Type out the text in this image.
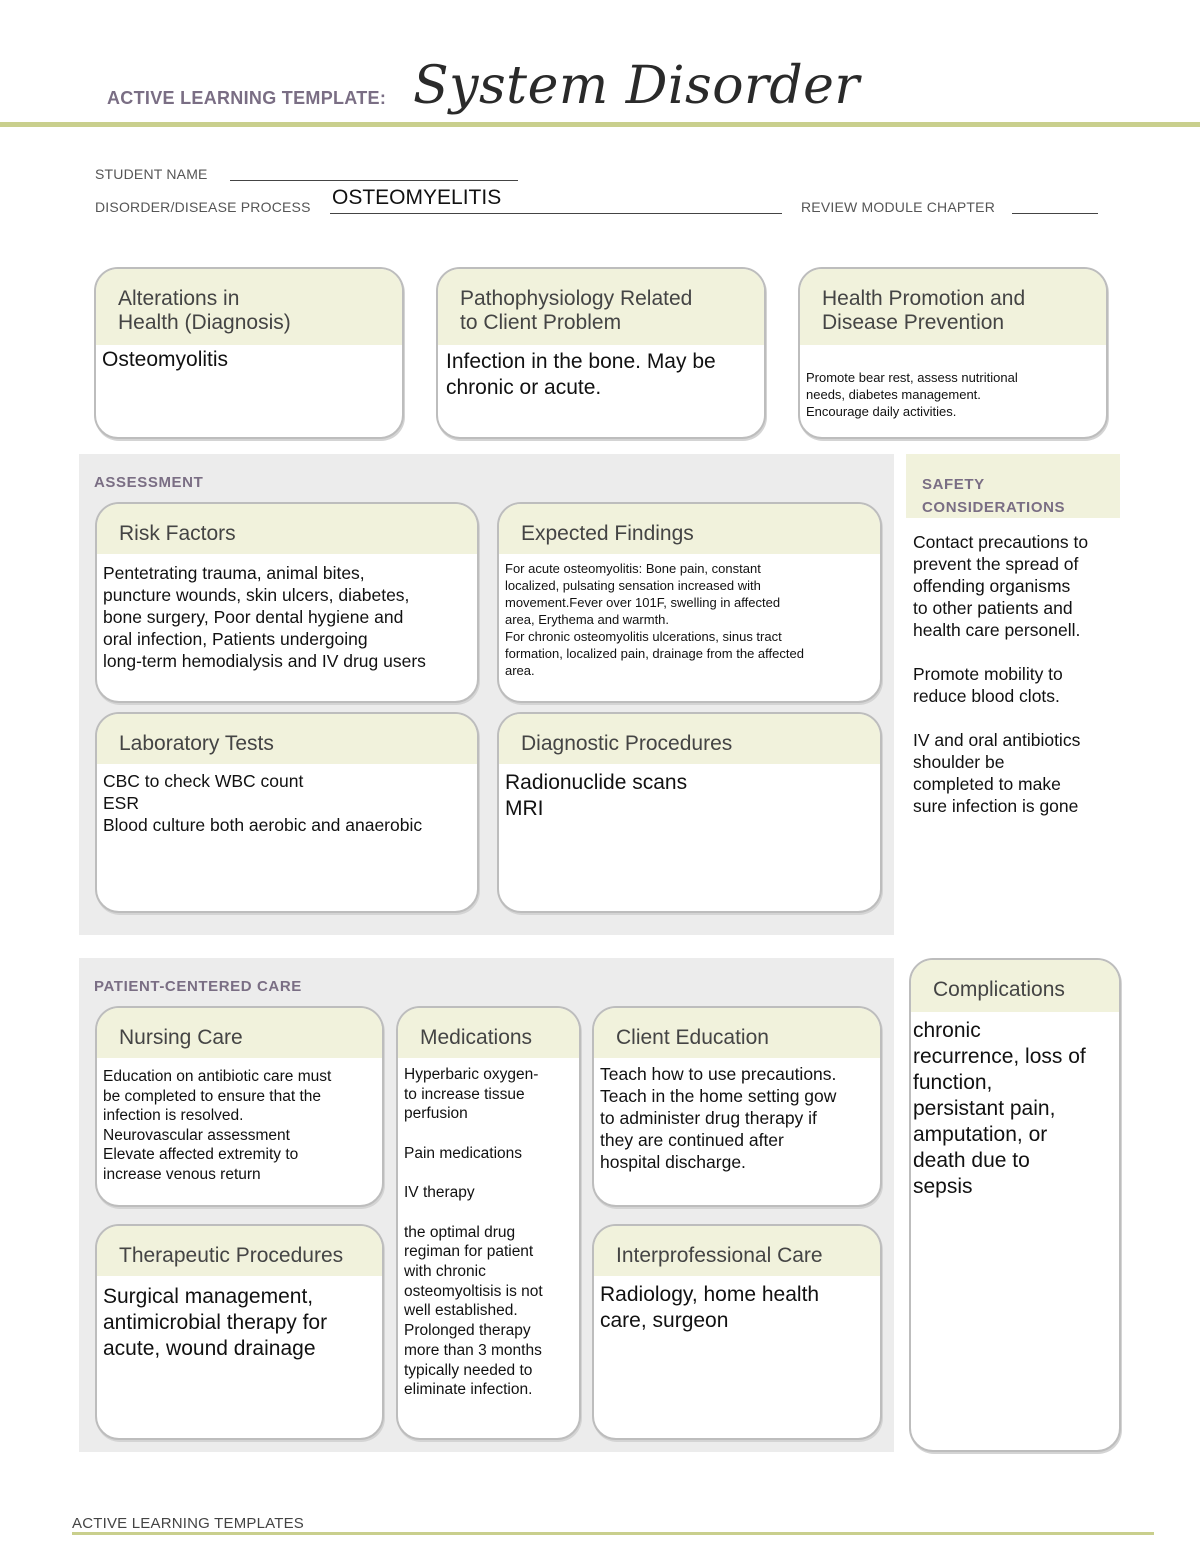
ACTIVE LEARNING TEMPLATE: System Disorder
STUDENT NAME
DISORDER/DISEASE PROCESS OSTEOMYELITIS	REVIEW MODULE CHAPTER
Alterations in
Health (Diagnosis)
Osteomyolitis
Pathophysiology Related
to Client Problem
Infection in the bone. May be
chronic or acute.
Health Promotion and
Disease Prevention
Promote bear rest, assess nutritional
needs, diabetes management.
Encourage daily activities.
ASSESSMENT
Risk Factors
Pentetrating trauma, animal bites,
puncture wounds, skin ulcers, diabetes,
bone surgery, Poor dental hygiene and
oral infection, Patients undergoing
long-term hemodialysis and IV drug users
Expected Findings
For acute osteomyolitis: Bone pain, constant
localized, pulsating sensation increased with
movement.Fever over 101F, swelling in affected
area, Erythema and warmth.
For chronic osteomyolitis ulcerations, sinus tract
formation, localized pain, drainage from the affected
area.
Laboratory Tests
CBC to check WBC count
ESR
Blood culture both aerobic and anaerobic
Diagnostic Procedures
Radionuclide scans
MRI
SAFETY
CONSIDERATIONS
Contact precautions to
prevent the spread of
offending organisms
to other patients and
health care personell.

Promote mobility to
reduce blood clots.

IV and oral antibiotics
shoulder be
completed to make
sure infection is gone
PATIENT-CENTERED CARE
Nursing Care
Education on antibiotic care must
be completed to ensure that the
infection is resolved.
Neurovascular assessment
Elevate affected extremity to
increase venous return
Medications
Hyperbaric oxygen-
to increase tissue
perfusion

Pain medications

IV therapy

the optimal drug
regiman for patient
with chronic
osteomyoltisis is not
well established.
Prolonged therapy
more than 3 months
typically needed to
eliminate infection.
Client Education
Teach how to use precautions.
Teach in the home setting gow
to administer drug therapy if
they are continued after
hospital discharge.
Therapeutic Procedures
Surgical management,
antimicrobial therapy for
acute, wound drainage
Interprofessional Care
Radiology, home health
care, surgeon
Complications
chronic
recurrence, loss of
function,
persistant pain,
amputation, or
death due to
sepsis
ACTIVE LEARNING TEMPLATES
